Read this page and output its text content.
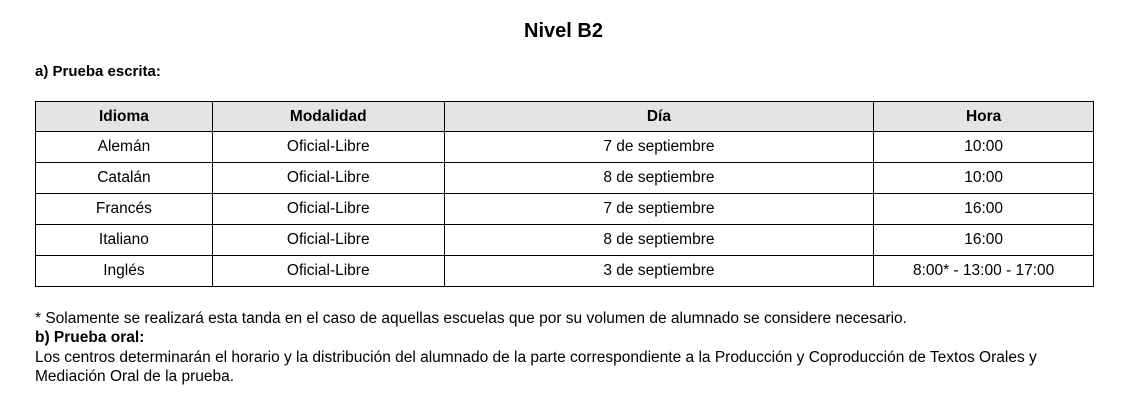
Nivel B2
a) Prueba escrita:
Idioma	Modalidad	Día	Hora
Alemán	Oficial-Libre	7 de septiembre	10:00
Catalán	Oficial-Libre	8 de septiembre	10:00
Francés	Oficial-Libre	7 de septiembre	16:00
Italiano	Oficial-Libre	8 de septiembre	16:00
Inglés	Oficial-Libre	3 de septiembre	8:00* - 13:00 - 17:00
* Solamente se realizará esta tanda en el caso de aquellas escuelas que por su volumen de alumnado se considere necesario.
b) Prueba oral:
Los centros determinarán el horario y la distribución del alumnado de la parte correspondiente a la Producción y Coproducción de Textos Orales y Mediación Oral de la prueba.
